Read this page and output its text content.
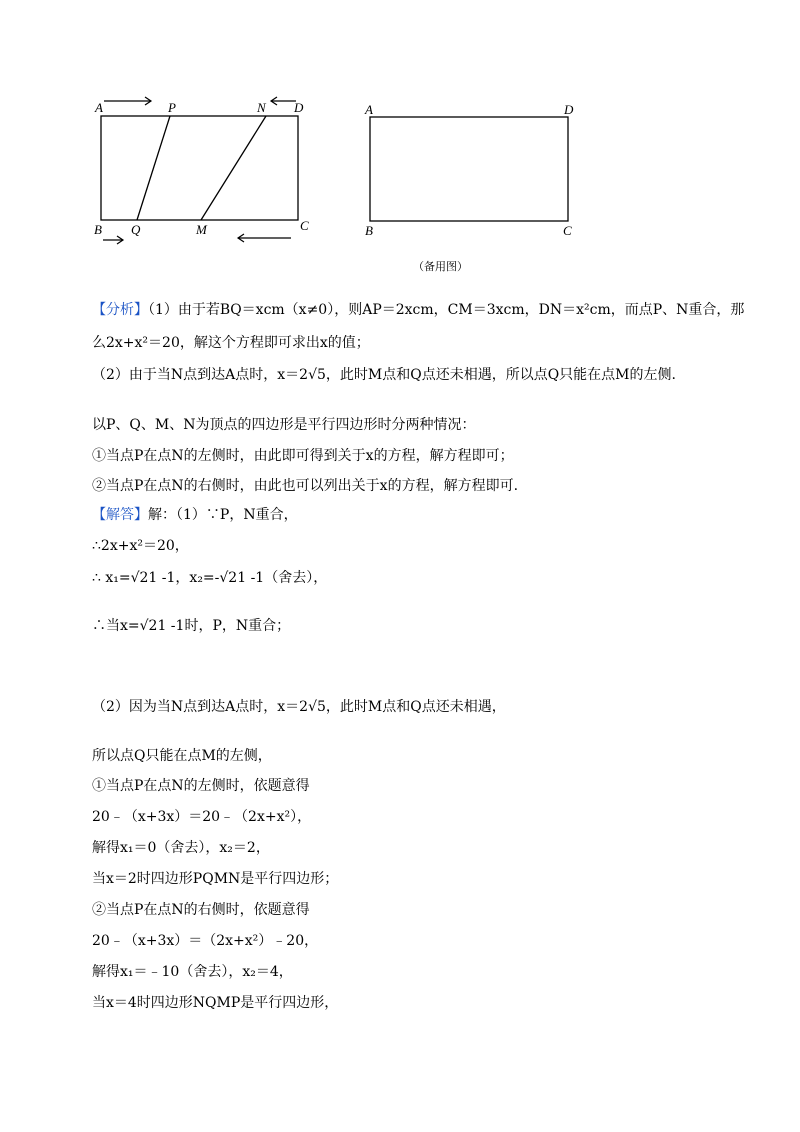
A	P	N D
B Q	M	C
A	D
B	C
（备用图）
【分析】（1）由于若BQ＝xcm（x≠0），则AP＝2xcm，CM＝3xcm，DN＝x²cm，而点P、N重合，那
么2x+x²＝20，解这个方程即可求出x的值；
（2）由于当N点到达A点时，x＝2√5，此时M点和Q点还未相遇，所以点Q只能在点M的左侧.
以P、Q、M、N为顶点的四边形是平行四边形时分两种情况：
①当点P在点N的左侧时，由此即可得到关于x的方程，解方程即可；
②当点P在点N的右侧时，由此也可以列出关于x的方程，解方程即可.
【解答】解：（1）∵P，N重合，
∴2x+x²＝20，
∴ x₁=√21 -1，x₂=-√21 -1（舍去），
∴当x=√21 -1时，P，N重合；
（2）因为当N点到达A点时，x＝2√5，此时M点和Q点还未相遇，
所以点Q只能在点M的左侧，
①当点P在点N的左侧时，依题意得
20﹣（x+3x）＝20﹣（2x+x²），
解得x₁＝0（舍去），x₂＝2，
当x＝2时四边形PQMN是平行四边形；
②当点P在点N的右侧时，依题意得
20﹣（x+3x）＝（2x+x²）﹣20，
解得x₁＝﹣10（舍去），x₂＝4，
当x＝4时四边形NQMP是平行四边形，
